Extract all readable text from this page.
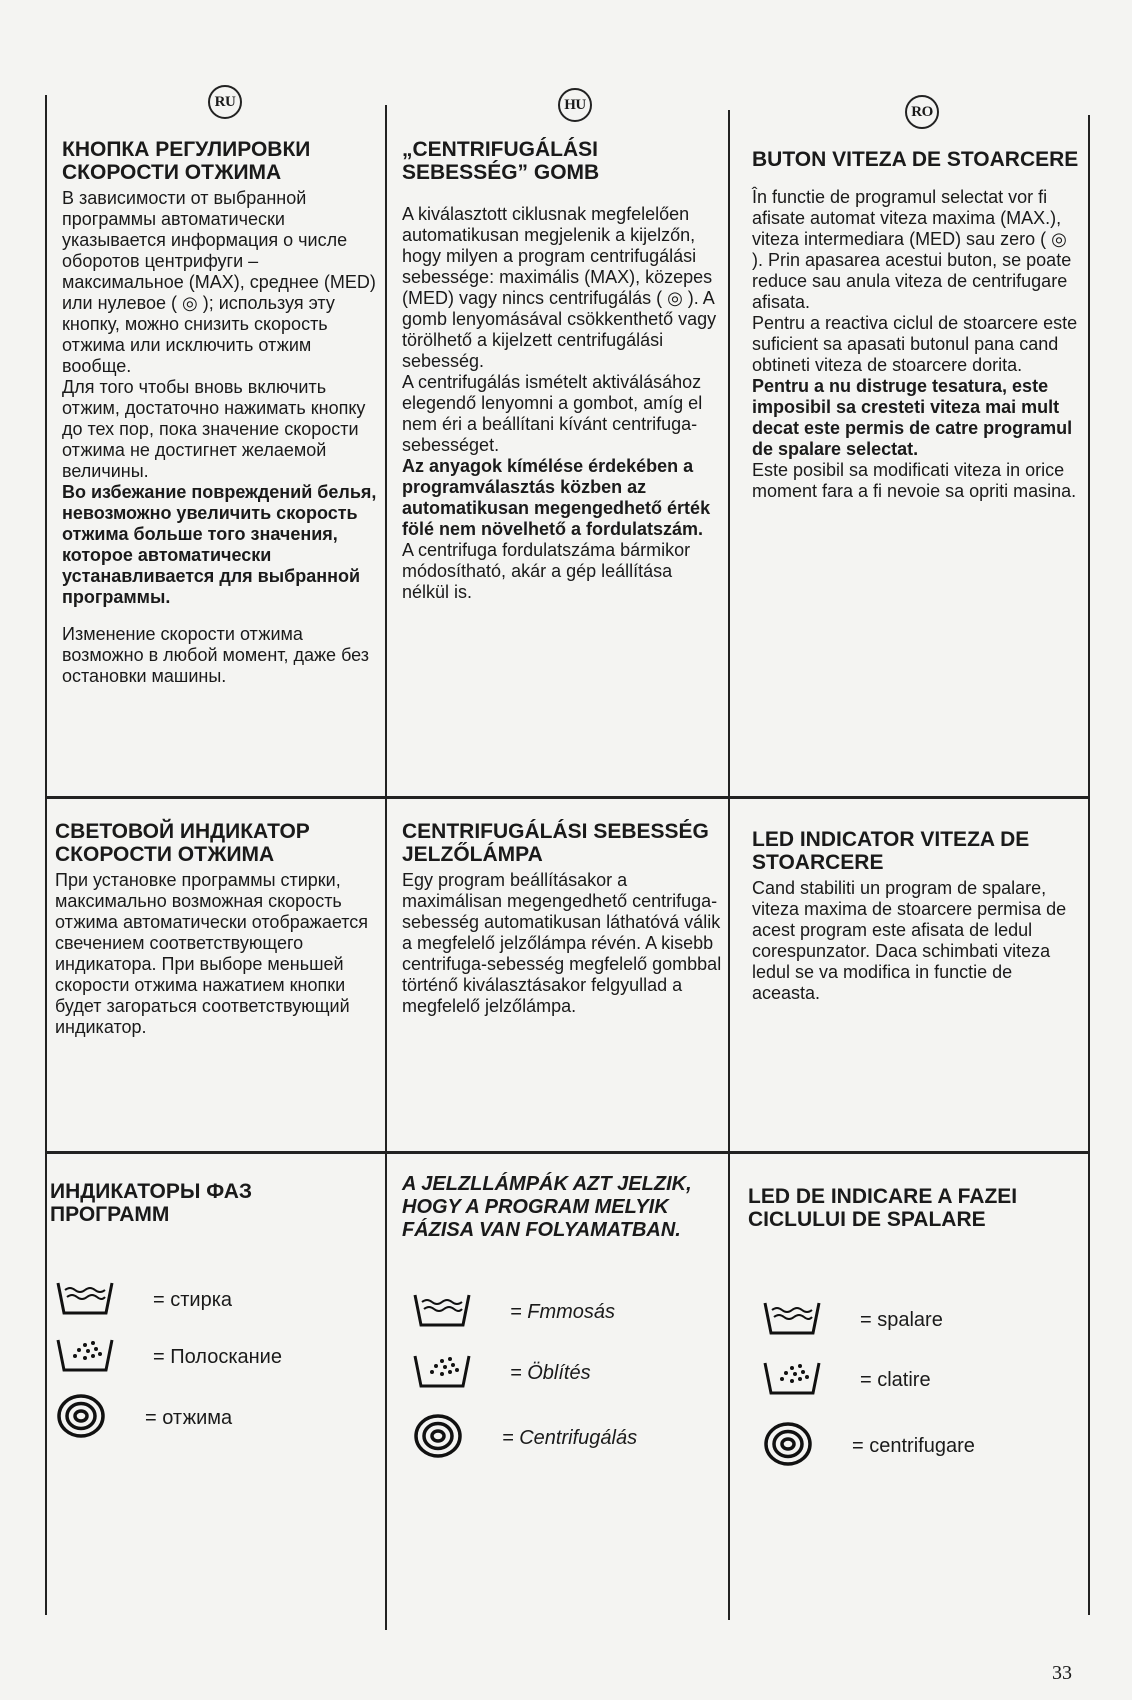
RU	HU	RO
КНОПКА РЕГУЛИРОВКИ СКОРОСТИ ОТЖИМА

В зависимости от выбранной программы автоматически указывается информация о числе оборотов центрифуги – максимальное (MAX), среднее (MED) или нулевое ( ◎ ); используя эту кнопку, можно снизить скорость отжима или исключить отжим вообще.

Для того чтобы вновь включить отжим, достаточно нажимать кнопку до тех пор, пока значение скорости отжима не достигнет желаемой величины.

Во избежание повреждений белья, невозможно увеличить скорость отжима больше того значения, которое автоматически устанавливается для выбранной программы.

Изменение скорости отжима возможно в любой момент, даже без остановки машины.

„CENTRIFUGÁLÁSI SEBESSÉG” GOMB

A kiválasztott ciklusnak megfelelően automatikusan megjelenik a kijelzőn, hogy milyen a program centrifugálási sebessége: maximális (MAX), közepes (MED) vagy nincs centrifugálás ( ◎ ). A gomb lenyomásával csökkenthető vagy törölhető a kijelzett centrifugálási sebesség.

A centrifugálás ismételt aktiválásához elegendő lenyomni a gombot, amíg el nem éri a beállítani kívánt centrifuga-sebességet.

Az anyagok kímélése érdekében a programválasztás közben az automatikusan megengedhető érték fölé nem növelhető a fordulatszám.

A centrifuga fordulatszáma bármikor módosítható, akár a gép leállítása nélkül is.

BUTON VITEZA DE STOARCERE

În functie de programul selectat vor fi afisate automat viteza maxima (MAX.), viteza intermediara (MED) sau zero ( ◎ ). Prin apasarea acestui buton, se poate reduce sau anula viteza de centrifugare afisata.

Pentru a reactiva ciclul de stoarcere este suficient sa apasati butonul pana cand obtineti viteza de stoarcere dorita.

Pentru a nu distruge tesatura, este imposibil sa cresteti viteza mai mult decat este permis de catre programul de spalare selectat.

Este posibil sa modificati viteza in orice moment fara a fi nevoie sa opriti masina.

СВЕТОВОЙ ИНДИКАТОР СКОРОСТИ ОТЖИМА

При установке программы стирки, максимально возможная скорость отжима автоматически отображается свечением соответствующего индикатора. При выборе меньшей скорости отжима нажатием кнопки будет загораться соответствующий индикатор.

CENTRIFUGÁLÁSI SEBESSÉG JELZŐLÁMPA

Egy program beállításakor a maximálisan megengedhető centrifuga-sebesség automatikusan láthatóvá válik a megfelelő jelzőlámpa révén. A kisebb centrifuga-sebesség megfelelő gombbal történő kiválasztásakor felgyullad a megfelelő jelzőlámpa.

LED INDICATOR VITEZA DE STOARCERE

Cand stabiliti un program de spalare, viteza maxima de stoarcere permisa de acest program este afisata de ledul corespunzator. Daca schimbati viteza ledul se va modifica in functie de aceasta.

ИНДИКАТОРЫ ФАЗ ПРОГРАММ
A JELZLLÁMPÁK AZT JELZIK, HOGY A PROGRAM MELYIK FÁZISA VAN FOLYAMATBAN.
LED DE INDICARE A FAZEI CICLULUI DE SPALARE
= стирка
= Полоскание
= отжима
= Fmmosás
= Öblítés
= Centrifugálás
= spalare
= clatire
= centrifugare
33
